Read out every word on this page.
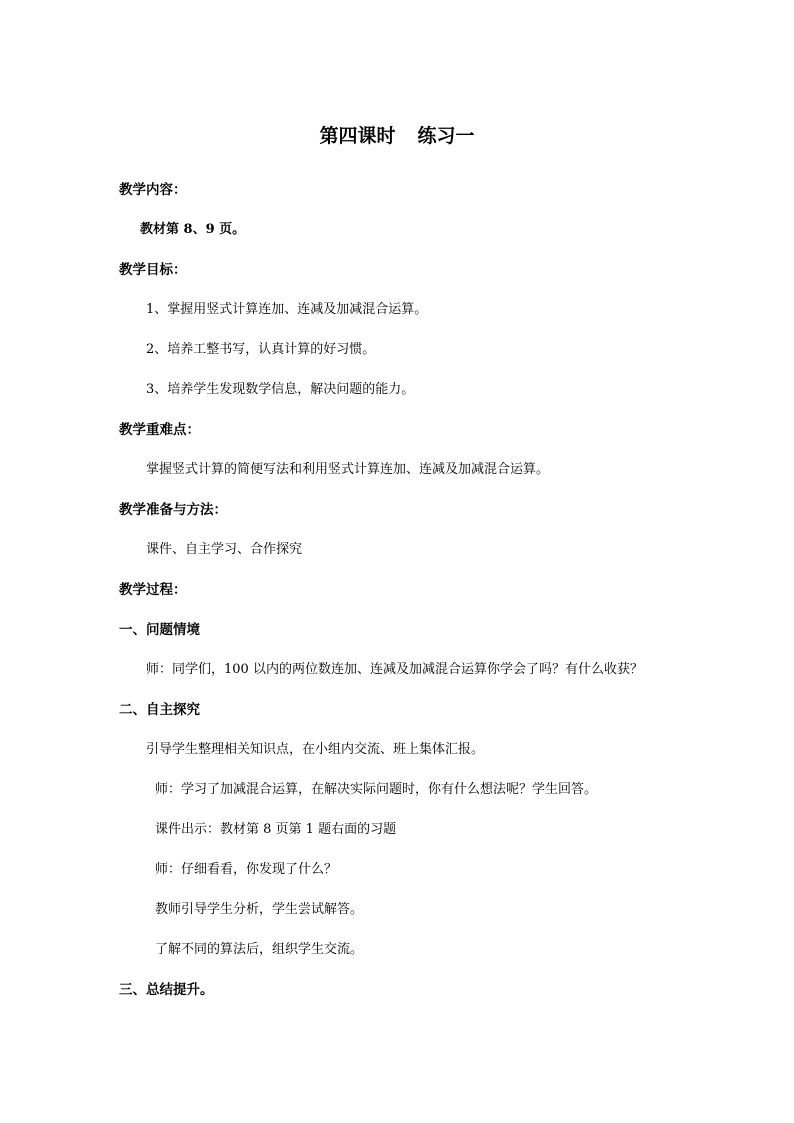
第四课时 练习一
教学内容：
教材第 8、9 页。
教学目标：
1、掌握用竖式计算连加、连减及加减混合运算。
2、培养工整书写，认真计算的好习惯。
3、培养学生发现数学信息，解决问题的能力。
教学重难点：
掌握竖式计算的简便写法和利用竖式计算连加、连减及加减混合运算。
教学准备与方法：
课件、自主学习、合作探究
教学过程：
一、问题情境
师：同学们，100 以内的两位数连加、连减及加减混合运算你学会了吗？有什么收获？
二、自主探究
引导学生整理相关知识点，在小组内交流、班上集体汇报。
师：学习了加减混合运算，在解决实际问题时，你有什么想法呢？学生回答。
课件出示：教材第 8 页第 1 题右面的习题
师：仔细看看，你发现了什么？
教师引导学生分析，学生尝试解答。
了解不同的算法后，组织学生交流。
三、总结提升。
